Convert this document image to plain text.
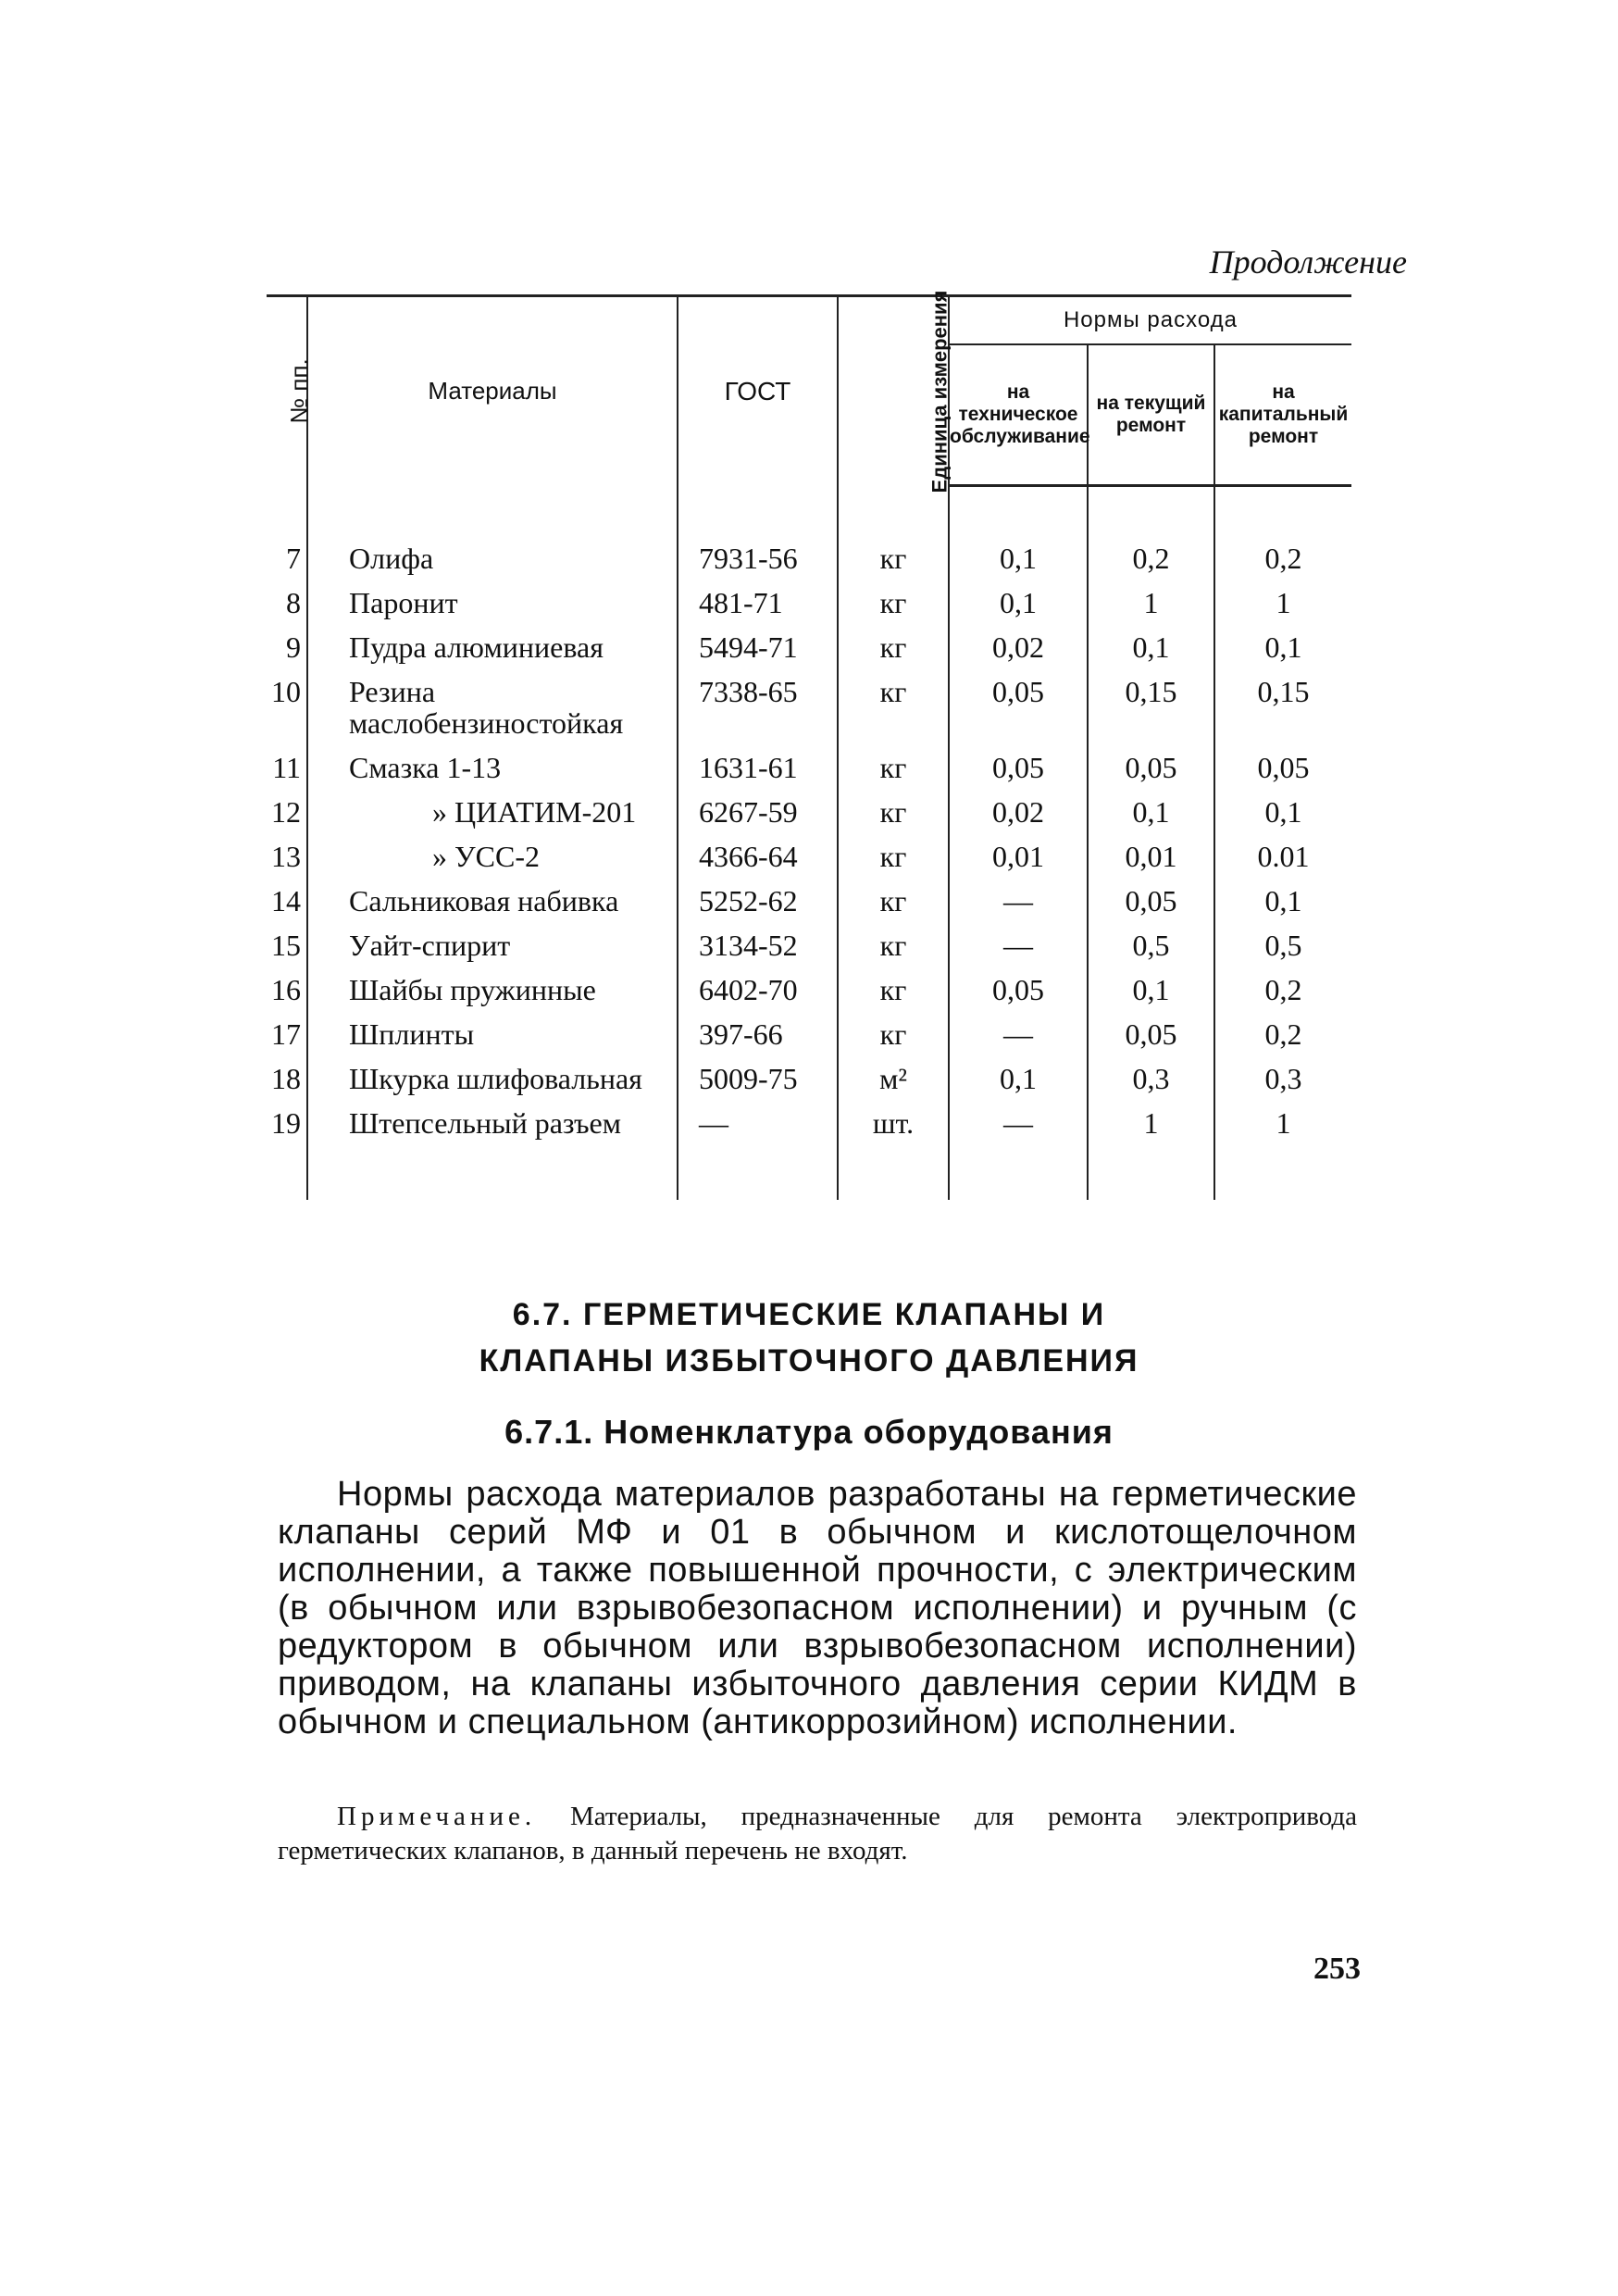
Продолжение
№ пп.	Материалы	ГОСТ	Единица измерения	Нормы расхода		
				на техническое обслуживание	на текущий ремонт	на капитальный ремонт

7	Олифа	7931-56	кг	0,1	0,2	0,2
8	Паронит	481-71	кг	0,1	1	1
9	Пудра алюминиевая	5494-71	кг	0,02	0,1	0,1
10	Резина маслобензиностойкая	7338-65	кг	0,05	0,15	0,15
11	Смазка 1-13	1631-61	кг	0,05	0,05	0,05
12	» ЦИАТИМ-201	6267-59	кг	0,02	0,1	0,1
13	» УСС-2	4366-64	кг	0,01	0,01	0.01
14	Сальниковая набивка	5252-62	кг	—	0,05	0,1
15	Уайт-спирит	3134-52	кг	—	0,5	0,5
16	Шайбы пружинные	6402-70	кг	0,05	0,1	0,2
17	Шплинты	397-66	кг	—	0,05	0,2
18	Шкурка шлифовальная	5009-75	м²	0,1	0,3	0,3
19	Штепсельный разъем	—	шт.	—	1	1

6.7. ГЕРМЕТИЧЕСКИЕ КЛАПАНЫ И
КЛАПАНЫ ИЗБЫТОЧНОГО ДАВЛЕНИЯ
6.7.1. Номенклатура оборудования
Нормы расхода материалов разработаны на герметические клапаны серий МФ и 01 в обычном и кислотощелочном исполнении, а также повышенной прочности, с электрическим (в обычном или взрывобезопасном исполнении) и ручным (с редуктором в обычном или взрывобезопасном исполнении) приводом, на клапаны избыточного давления серии КИДМ в обычном и специальном (антикоррозийном) исполнении.
Примечание. Материалы, предназначенные для ремонта электропривода герметических клапанов, в данный перечень не входят.
253
